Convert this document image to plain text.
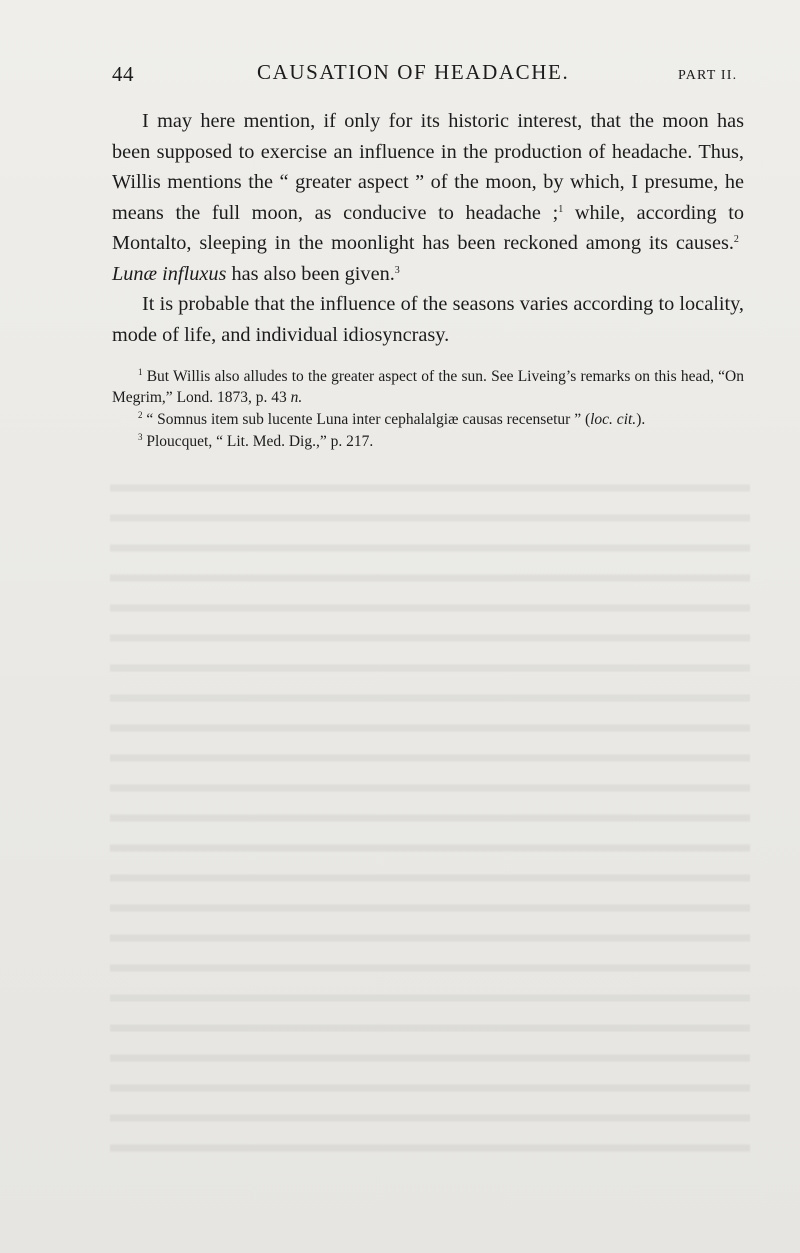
44	CAUSATION OF HEADACHE.	PART II.

I may here mention, if only for its historic interest, that the moon has been supposed to exercise an influence in the production of headache. Thus, Willis mentions the “ greater aspect ” of the moon, by which, I presume, he means the full moon, as conducive to headache ;$^1$ while, according to Montalto, sleeping in the moonlight has been reckoned among its causes.$^2$  Lunæ influxus has also been given.$^3$

It is probable that the influence of the seasons varies according to locality, mode of life, and individual idiosyncrasy.

$^1$ But Willis also alludes to the greater aspect of the sun. See Liveing’s remarks on this head, “On Megrim,” Lond. 1873, p. 43 n.

$^2$ “ Somnus item sub lucente Luna inter cephalalgiæ causas recensetur ” (loc. cit.).

$^3$ Ploucquet, “ Lit. Med. Dig.,” p. 217.
